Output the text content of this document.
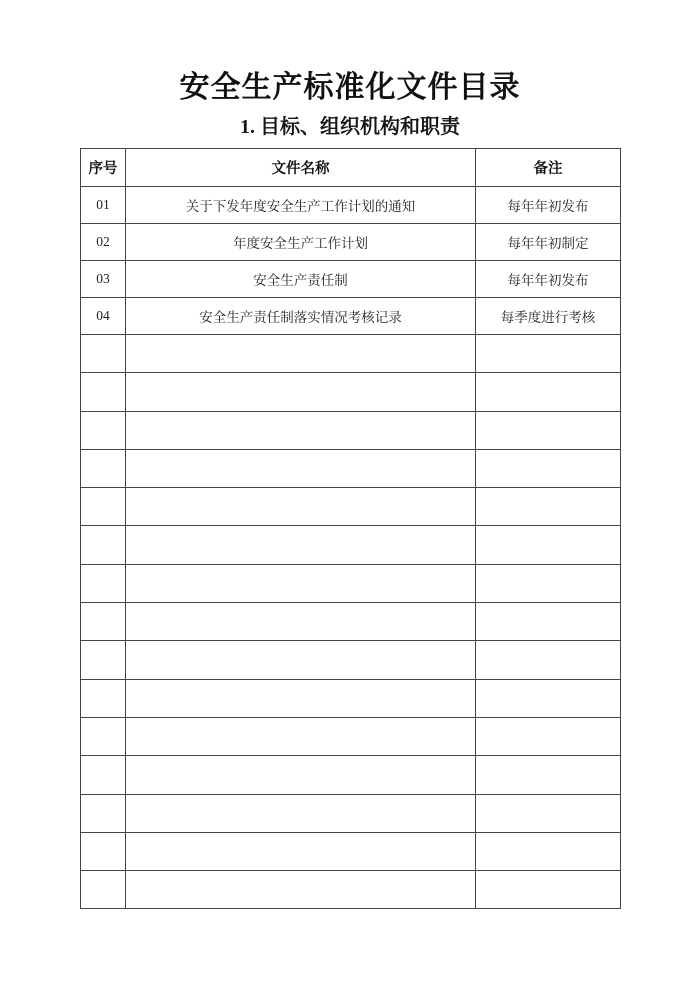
安全生产标准化文件目录
1. 目标、组织机构和职责
序号	文件名称	备注
01	关于下发年度安全生产工作计划的通知	每年年初发布
02	年度安全生产工作计划	每年年初制定
03	安全生产责任制	每年年初发布
04	安全生产责任制落实情况考核记录	每季度进行考核
